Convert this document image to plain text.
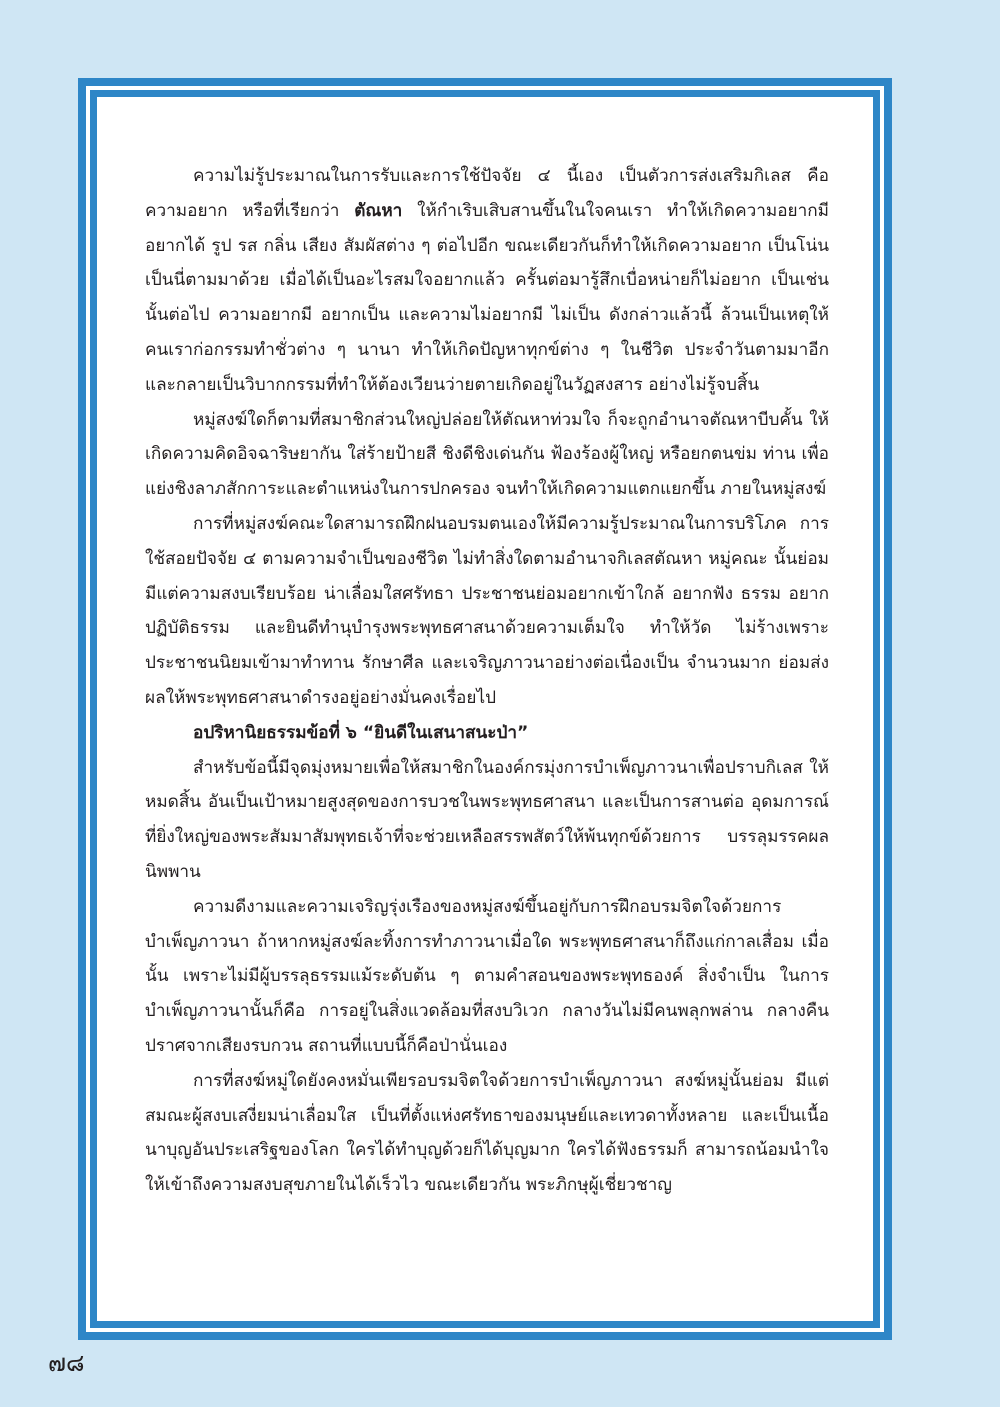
ความไม่รู้ประมาณในการรับและการใช้ปัจจัย ๔ นี้เอง เป็นตัวการส่งเสริมกิเลส คือ ความอยาก หรือที่เรียกว่า ตัณหา ให้กำเริบเสิบสานขึ้นในใจคนเรา ทำให้เกิดความอยากมี อยากได้ รูป รส กลิ่น เสียง สัมผัสต่าง ๆ ต่อไปอีก ขณะเดียวกันก็ทำให้เกิดความอยาก เป็นโน่นเป็นนี่ตามมาด้วย เมื่อได้เป็นอะไรสมใจอยากแล้ว ครั้นต่อมารู้สึกเบื่อหน่ายก็ไม่อยาก เป็นเช่นนั้นต่อไป ความอยากมี อยากเป็น และความไม่อยากมี ไม่เป็น ดังกล่าวแล้วนี้ ล้วนเป็นเหตุให้คนเราก่อกรรมทำชั่วต่าง ๆ นานา ทำให้เกิดปัญหาทุกข์ต่าง ๆ ในชีวิต ประจำวันตามมาอีก และกลายเป็นวิบากกรรมที่ทำให้ต้องเวียนว่ายตายเกิดอยู่ในวัฏสงสาร อย่างไม่รู้จบสิ้น

หมู่สงฆ์ใดก็ตามที่สมาชิกส่วนใหญ่ปล่อยให้ตัณหาท่วมใจ ก็จะถูกอำนาจตัณหาบีบคั้น ให้เกิดความคิดอิจฉาริษยากัน ใส่ร้ายป้ายสี ชิงดีชิงเด่นกัน ฟ้องร้องผู้ใหญ่ หรือยกตนข่ม ท่าน เพื่อแย่งชิงลาภสักการะและตำแหน่งในการปกครอง จนทำให้เกิดความแตกแยกขึ้น ภายในหมู่สงฆ์

การที่หมู่สงฆ์คณะใดสามารถฝึกฝนอบรมตนเองให้มีความรู้ประมาณในการบริโภค การใช้สอยปัจจัย ๔ ตามความจำเป็นของชีวิต ไม่ทำสิ่งใดตามอำนาจกิเลสตัณหา หมู่คณะ นั้นย่อมมีแต่ความสงบเรียบร้อย น่าเลื่อมใสศรัทธา ประชาชนย่อมอยากเข้าใกล้ อยากฟัง ธรรม อยากปฏิบัติธรรม และยินดีทำนุบำรุงพระพุทธศาสนาด้วยความเต็มใจ ทำให้วัด ไม่ร้างเพราะประชาชนนิยมเข้ามาทำทาน รักษาศีล และเจริญภาวนาอย่างต่อเนื่องเป็น จำนวนมาก ย่อมส่งผลให้พระพุทธศาสนาดำรงอยู่อย่างมั่นคงเรื่อยไป

อปริหานิยธรรมข้อที่ ๖ “ยินดีในเสนาสนะป่า”

สำหรับข้อนี้มีจุดมุ่งหมายเพื่อให้สมาชิกในองค์กรมุ่งการบำเพ็ญภาวนาเพื่อปราบกิเลส ให้หมดสิ้น อันเป็นเป้าหมายสูงสุดของการบวชในพระพุทธศาสนา และเป็นการสานต่อ อุดมการณ์ที่ยิ่งใหญ่ของพระสัมมาสัมพุทธเจ้าที่จะช่วยเหลือสรรพสัตว์ให้พ้นทุกข์ด้วยการ บรรลุมรรคผลนิพพาน

ความดีงามและความเจริญรุ่งเรืองของหมู่สงฆ์ขึ้นอยู่กับการฝึกอบรมจิตใจด้วยการ บำเพ็ญภาวนา ถ้าหากหมู่สงฆ์ละทิ้งการทำภาวนาเมื่อใด พระพุทธศาสนาก็ถึงแก่กาลเสื่อม เมื่อนั้น เพราะไม่มีผู้บรรลุธรรมแม้ระดับต้น ๆ ตามคำสอนของพระพุทธองค์ สิ่งจำเป็น ในการบำเพ็ญภาวนานั้นก็คือ การอยู่ในสิ่งแวดล้อมที่สงบวิเวก กลางวันไม่มีคนพลุกพล่าน กลางคืนปราศจากเสียงรบกวน สถานที่แบบนี้ก็คือป่านั่นเอง

การที่สงฆ์หมู่ใดยังคงหมั่นเพียรอบรมจิตใจด้วยการบำเพ็ญภาวนา สงฆ์หมู่นั้นย่อม มีแต่สมณะผู้สงบเสงี่ยมน่าเลื่อมใส เป็นที่ตั้งแห่งศรัทธาของมนุษย์และเทวดาทั้งหลาย และเป็นเนื้อนาบุญอันประเสริฐของโลก ใครได้ทำบุญด้วยก็ได้บุญมาก ใครได้ฟังธรรมก็ สามารถน้อมนำใจให้เข้าถึงความสงบสุขภายในได้เร็วไว ขณะเดียวกัน พระภิกษุผู้เชี่ยวชาญ

๗๘
